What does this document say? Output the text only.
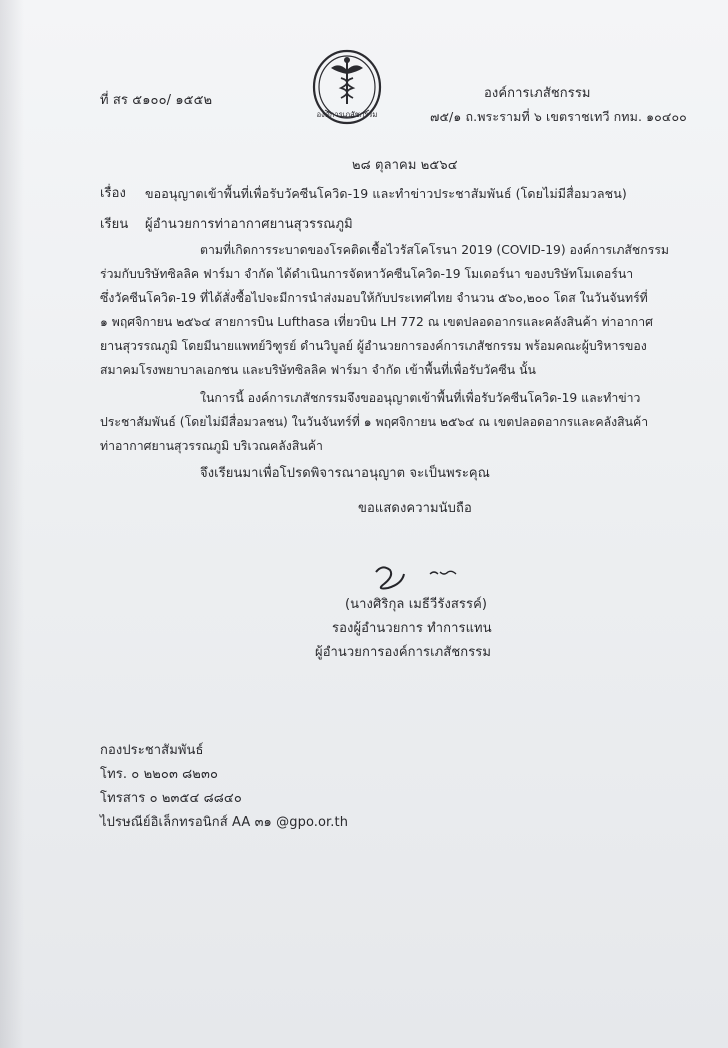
องค์การเภสัชกรรม
ที่ สร ๕๑๐๐/ ๑๕๕๒	องค์การเภสัชกรรม
๗๕/๑ ถ.พระรามที่ ๖ เขตราชเทวี กทม. ๑๐๔๐๐
๒๘ ตุลาคม ๒๕๖๔
เรื่อง ขออนุญาตเข้าพื้นที่เพื่อรับวัคซีนโควิด-19 และทำข่าวประชาสัมพันธ์ (โดยไม่มีสื่อมวลชน)
เรียน ผู้อำนวยการท่าอากาศยานสุวรรณภูมิ
ตามที่เกิดการระบาดของโรคติดเชื้อไวรัสโคโรนา 2019 (COVID-19) องค์การเภสัชกรรม
ร่วมกับบริษัทซิลลิค ฟาร์มา จำกัด ได้ดำเนินการจัดหาวัคซีนโควิด-19 โมเดอร์นา ของบริษัทโมเดอร์นา
ซึ่งวัคซีนโควิด-19 ที่ได้สั่งซื้อไปจะมีการนำส่งมอบให้กับประเทศไทย จำนวน ๕๖๐,๒๐๐ โดส ในวันจันทร์ที่
๑ พฤศจิกายน ๒๕๖๔ สายการบิน Lufthasa เที่ยวบิน LH 772 ณ เขตปลอดอากรและคลังสินค้า ท่าอากาศ
ยานสุวรรณภูมิ โดยมีนายแพทย์วิฑูรย์ ดำนวิบูลย์ ผู้อำนวยการองค์การเภสัชกรรม พร้อมคณะผู้บริหารของ
สมาคมโรงพยาบาลเอกชน และบริษัทซิลลิค ฟาร์มา จำกัด เข้าพื้นที่เพื่อรับวัคซีน นั้น
ในการนี้ องค์การเภสัชกรรมจึงขออนุญาตเข้าพื้นที่เพื่อรับวัคซีนโควิด-19 และทำข่าว
ประชาสัมพันธ์ (โดยไม่มีสื่อมวลชน) ในวันจันทร์ที่ ๑ พฤศจิกายน ๒๕๖๔ ณ เขตปลอดอากรและคลังสินค้า
ท่าอากาศยานสุวรรณภูมิ บริเวณคลังสินค้า
จึงเรียนมาเพื่อโปรดพิจารณาอนุญาต จะเป็นพระคุณ
ขอแสดงความนับถือ
(นางศิริกุล เมธีวีรังสรรค์)
รองผู้อำนวยการ ทำการแทน
ผู้อำนวยการองค์การเภสัชกรรม
กองประชาสัมพันธ์
โทร. ๐ ๒๒๐๓ ๘๒๓๐
โทรสาร ๐ ๒๓๕๔ ๘๘๔๐
ไปรษณีย์อิเล็กทรอนิกส์ AA ๓๑ @gpo.or.th
